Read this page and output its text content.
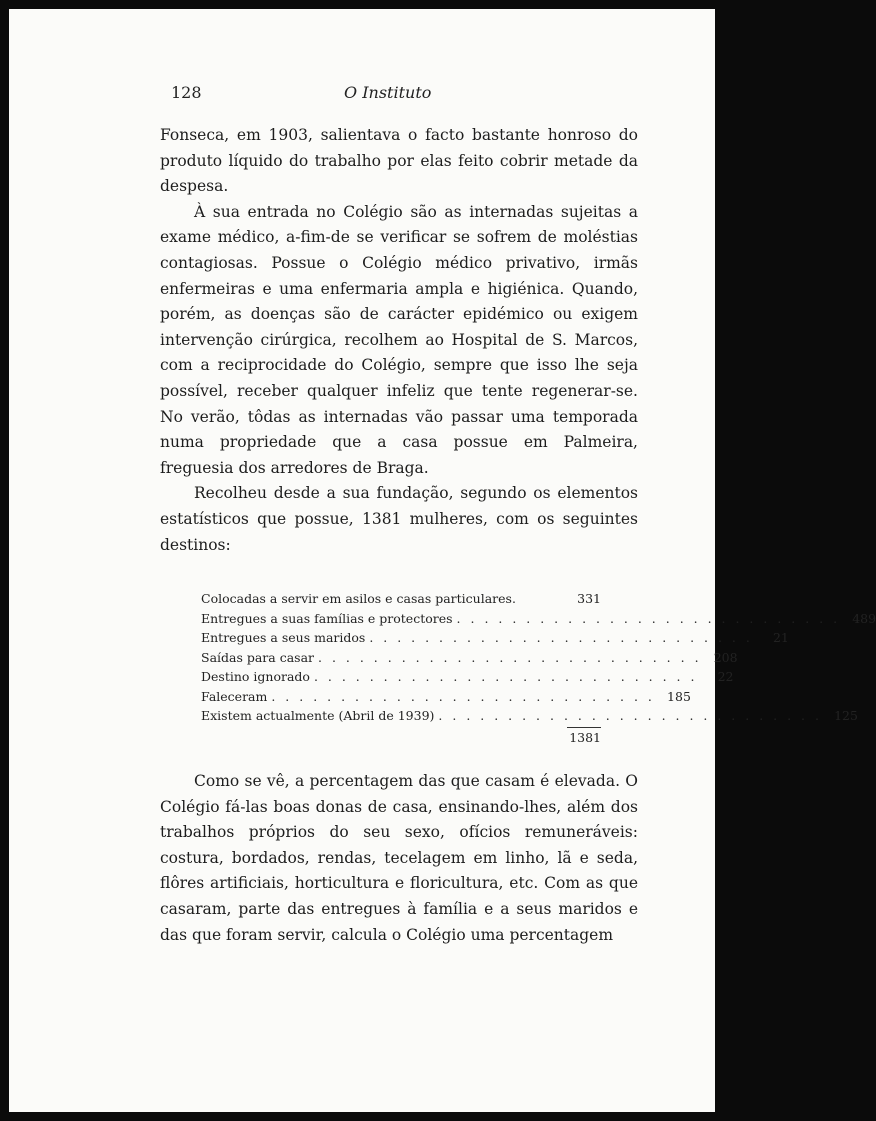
128	O Instituto

Fonseca, em 1903, salientava o facto bastante honroso do produto líquido do trabalho por elas feito cobrir metade da despesa.

À sua entrada no Colégio são as internadas sujeitas a exame médico, a-fim-de se verificar se sofrem de moléstias contagiosas. Possue o Colégio médico privativo, irmãs enfermeiras e uma enfermaria ampla e higiénica. Quando, porém, as doenças são de carácter epidémico ou exigem intervenção cirúrgica, recolhem ao Hospital de S. Marcos, com a reciprocidade do Colégio, sempre que isso lhe seja possível, receber qualquer infeliz que tente regenerar-se. No verão, tôdas as internadas vão passar uma temporada numa propriedade que a casa possue em Palmeira, freguesia dos arredores de Braga.

Recolheu desde a sua fundação, segundo os elementos estatísticos que possue, 1381 mulheres, com os seguintes destinos:

Colocadas a servir em asilos e casas particulares.	331
Entregues a suas famílias e protectores . . . . . . . . . . . . . . . . . . . . . . . . . . . . 489
Entregues a seus maridos . . . . . . . . . . . . . . . . . . . . . . . . . . . .	21
Saídas para casar . . . . . . . . . . . . . . . . . . . . . . . . . . . . 208
Destino ignorado . . . . . . . . . . . . . . . . . . . . . . . . . . . .	22
Faleceram . . . . . . . . . . . . . . . . . . . . . . . . . . . . 185
Existem actualmente (Abril de 1939) . . . . . . . . . . . . . . . . . . . . . . . . . . . . 125
1381

Como se vê, a percentagem das que casam é elevada. O Colégio fá-las boas donas de casa, ensinando-lhes, além dos trabalhos próprios do seu sexo, ofícios remuneráveis: costura, bordados, rendas, tecelagem em linho, lã e seda, flôres artificiais, horticultura e floricultura, etc. Com as que casaram, parte das entregues à família e a seus maridos e das que foram servir, calcula o Colégio uma percentagem
